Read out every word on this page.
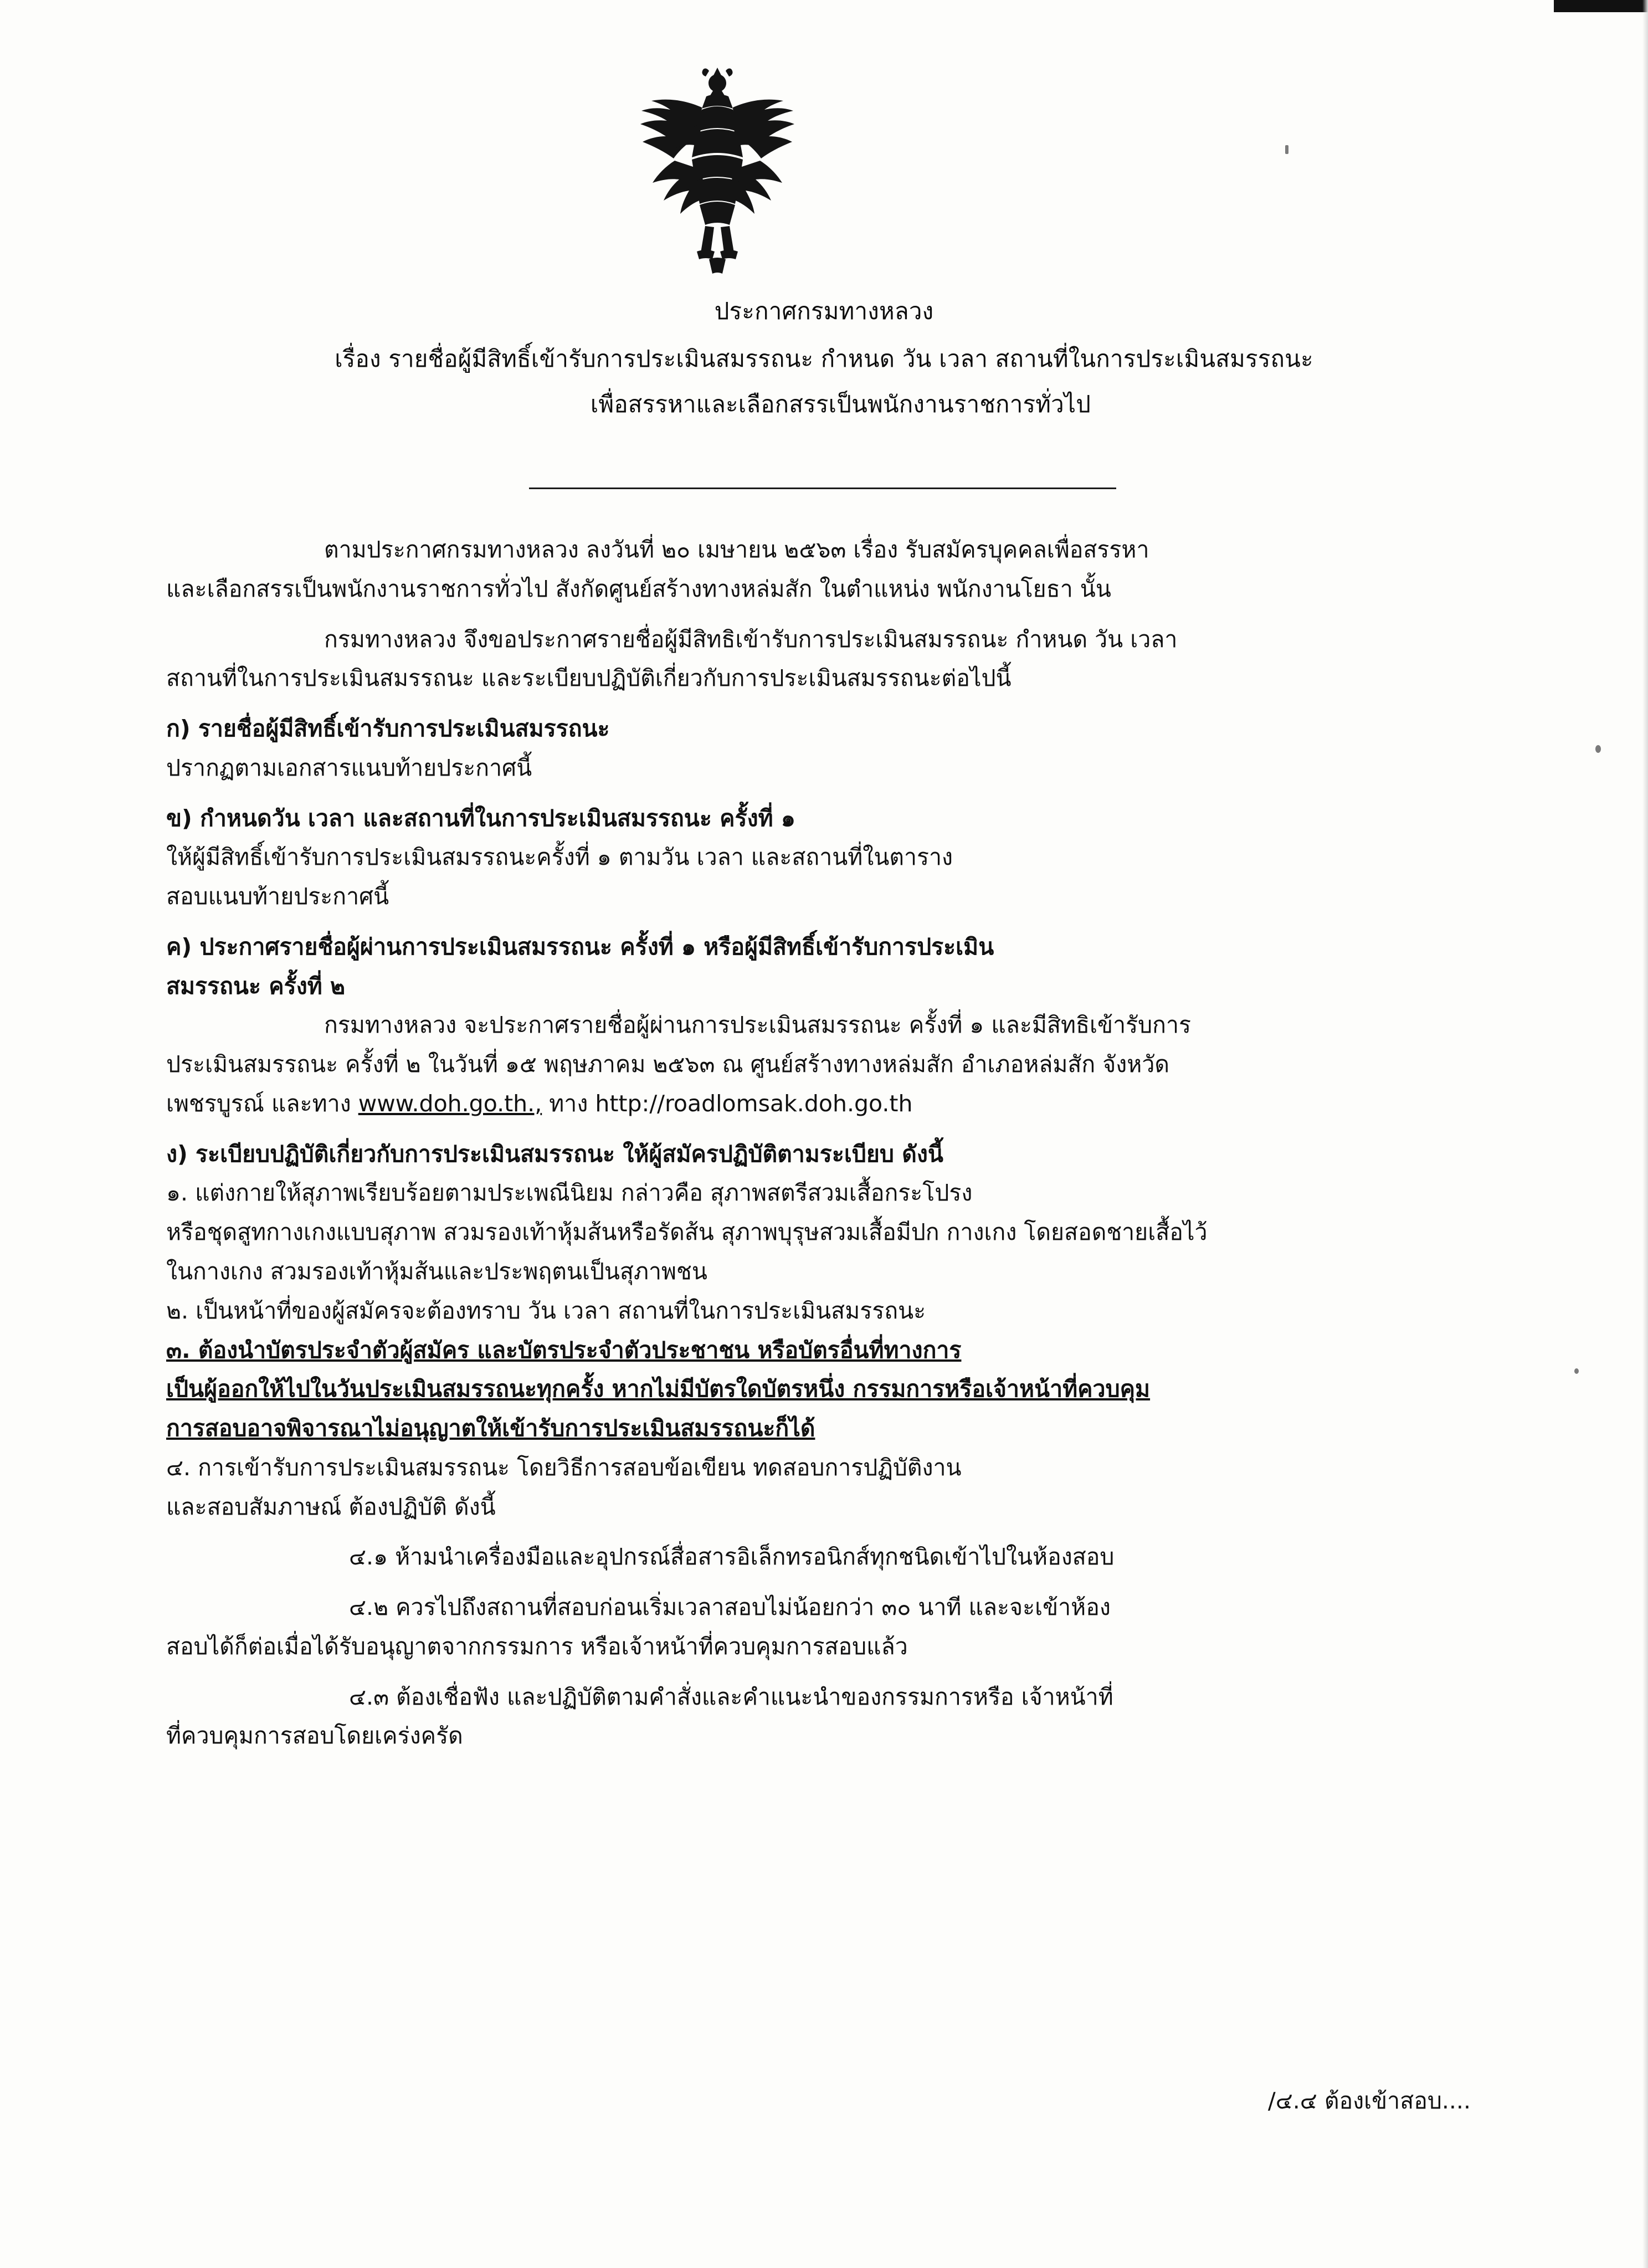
ประกาศกรมทางหลวง
เรื่อง รายชื่อผู้มีสิทธิ์เข้ารับการประเมินสมรรถนะ กำหนด วัน เวลา สถานที่ในการประเมินสมรรถนะ
เพื่อสรรหาและเลือกสรรเป็นพนักงานราชการทั่วไป

ตามประกาศกรมทางหลวง ลงวันที่ ๒๐ เมษายน ๒๕๖๓ เรื่อง รับสมัครบุคคลเพื่อสรรหา

และเลือกสรรเป็นพนักงานราชการทั่วไป สังกัดศูนย์สร้างทางหล่มสัก ในตำแหน่ง พนักงานโยธา นั้น

กรมทางหลวง จึงขอประกาศรายชื่อผู้มีสิทธิเข้ารับการประเมินสมรรถนะ กำหนด วัน เวลา

สถานที่ในการประเมินสมรรถนะ และระเบียบปฏิบัติเกี่ยวกับการประเมินสมรรถนะต่อไปนี้

ก) รายชื่อผู้มีสิทธิ์เข้ารับการประเมินสมรรถนะ

ปรากฏตามเอกสารแนบท้ายประกาศนี้

ข) กำหนดวัน เวลา และสถานที่ในการประเมินสมรรถนะ ครั้งที่ ๑

ให้ผู้มีสิทธิ์เข้ารับการประเมินสมรรถนะครั้งที่ ๑ ตามวัน เวลา และสถานที่ในตาราง

สอบแนบท้ายประกาศนี้

ค) ประกาศรายชื่อผู้ผ่านการประเมินสมรรถนะ ครั้งที่ ๑ หรือผู้มีสิทธิ์เข้ารับการประเมิน

สมรรถนะ ครั้งที่ ๒

กรมทางหลวง จะประกาศรายชื่อผู้ผ่านการประเมินสมรรถนะ ครั้งที่ ๑ และมีสิทธิเข้ารับการ

ประเมินสมรรถนะ ครั้งที่ ๒ ในวันที่ ๑๕ พฤษภาคม ๒๕๖๓ ณ ศูนย์สร้างทางหล่มสัก อำเภอหล่มสัก จังหวัด

เพชรบูรณ์ และทาง www.doh.go.th., ทาง http://roadlomsak.doh.go.th

ง) ระเบียบปฏิบัติเกี่ยวกับการประเมินสมรรถนะ ให้ผู้สมัครปฏิบัติตามระเบียบ ดังนี้

๑. แต่งกายให้สุภาพเรียบร้อยตามประเพณีนิยม กล่าวคือ สุภาพสตรีสวมเสื้อกระโปรง

หรือชุดสูทกางเกงแบบสุภาพ สวมรองเท้าหุ้มส้นหรือรัดส้น สุภาพบุรุษสวมเสื้อมีปก กางเกง โดยสอดชายเสื้อไว้

ในกางเกง สวมรองเท้าหุ้มส้นและประพฤตนเป็นสุภาพชน

๒. เป็นหน้าที่ของผู้สมัครจะต้องทราบ วัน เวลา สถานที่ในการประเมินสมรรถนะ

๓. ต้องนำบัตรประจำตัวผู้สมัคร และบัตรประจำตัวประชาชน หรือบัตรอื่นที่ทางการ

เป็นผู้ออกให้ไปในวันประเมินสมรรถนะทุกครั้ง หากไม่มีบัตรใดบัตรหนึ่ง กรรมการหรือเจ้าหน้าที่ควบคุม

การสอบอาจพิจารณาไม่อนุญาตให้เข้ารับการประเมินสมรรถนะก็ได้

๔. การเข้ารับการประเมินสมรรถนะ โดยวิธีการสอบข้อเขียน ทดสอบการปฏิบัติงาน

และสอบสัมภาษณ์ ต้องปฏิบัติ ดังนี้

๔.๑ ห้ามนำเครื่องมือและอุปกรณ์สื่อสารอิเล็กทรอนิกส์ทุกชนิดเข้าไปในห้องสอบ

๔.๒ ควรไปถึงสถานที่สอบก่อนเริ่มเวลาสอบไม่น้อยกว่า ๓๐ นาที และจะเข้าห้อง

สอบได้ก็ต่อเมื่อได้รับอนุญาตจากกรรมการ หรือเจ้าหน้าที่ควบคุมการสอบแล้ว

๔.๓ ต้องเชื่อฟัง และปฏิบัติตามคำสั่งและคำแนะนำของกรรมการหรือ เจ้าหน้าที่

ที่ควบคุมการสอบโดยเคร่งครัด

/๔.๔ ต้องเข้าสอบ....
